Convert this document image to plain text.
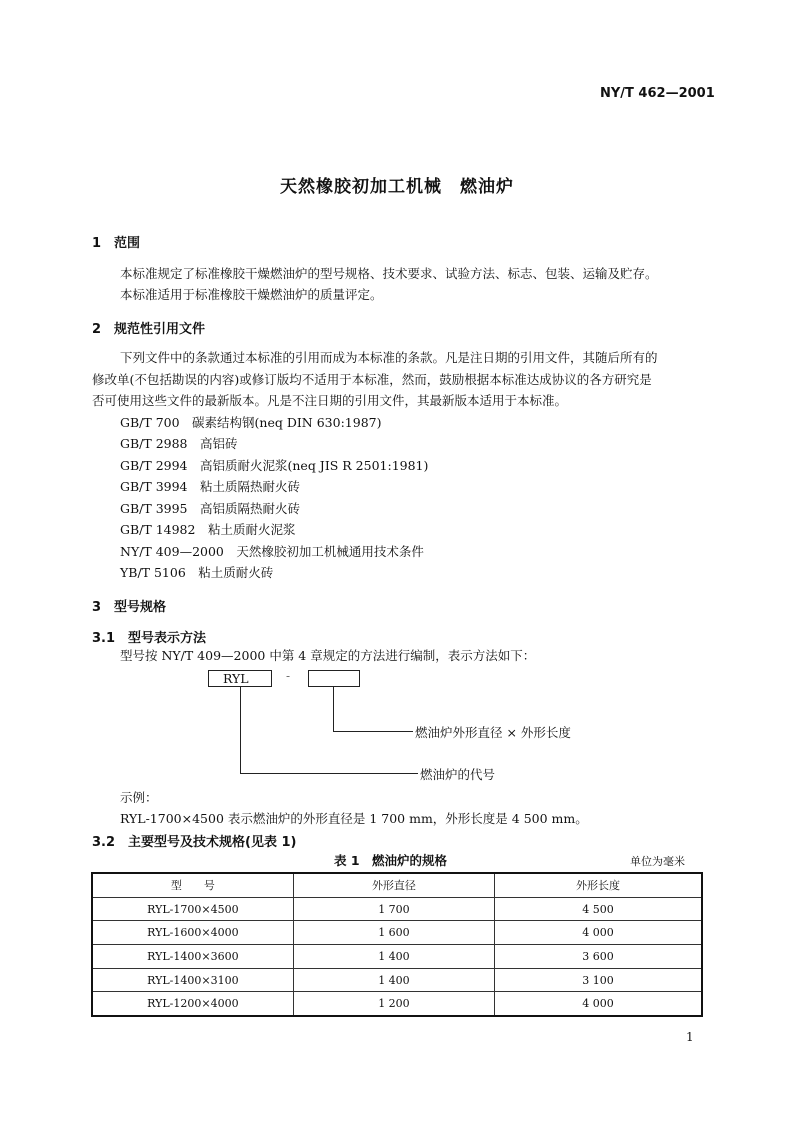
NY/T 462—2001
天然橡胶初加工机械　燃油炉
1　范围
本标准规定了标准橡胶干燥燃油炉的型号规格、技术要求、试验方法、标志、包装、运输及贮存。
本标准适用于标准橡胶干燥燃油炉的质量评定。
2　规范性引用文件
下列文件中的条款通过本标准的引用而成为本标准的条款。凡是注日期的引用文件，其随后所有的
修改单(不包括勘误的内容)或修订版均不适用于本标准，然而，鼓励根据本标准达成协议的各方研究是
否可使用这些文件的最新版本。凡是不注日期的引用文件，其最新版本适用于本标准。
GB/T 700　碳素结构钢(neq DIN 630:1987)
GB/T 2988　高铝砖
GB/T 2994　高铝质耐火泥浆(neq JIS R 2501:1981)
GB/T 3994　粘土质隔热耐火砖
GB/T 3995　高铝质隔热耐火砖
GB/T 14982　粘土质耐火泥浆
NY/T 409—2000　天然橡胶初加工机械通用技术条件
YB/T 5106　粘土质耐火砖
3　型号规格
3.1　型号表示方法
型号按 NY/T 409—2000 中第 4 章规定的方法进行编制，表示方法如下：
RYL	-
燃油炉外形直径 × 外形长度
燃油炉的代号
示例：
RYL-1700×4500 表示燃油炉的外形直径是 1 700 mm，外形长度是 4 500 mm。
3.2　主要型号及技术规格(见表 1)
表 1　燃油炉的规格	单位为毫米
型　　号	外形直径	外形长度
RYL-1700×4500	1 700	4 500
RYL-1600×4000	1 600	4 000
RYL-1400×3600	1 400	3 600
RYL-1400×3100	1 400	3 100
RYL-1200×4000	1 200	4 000
1
